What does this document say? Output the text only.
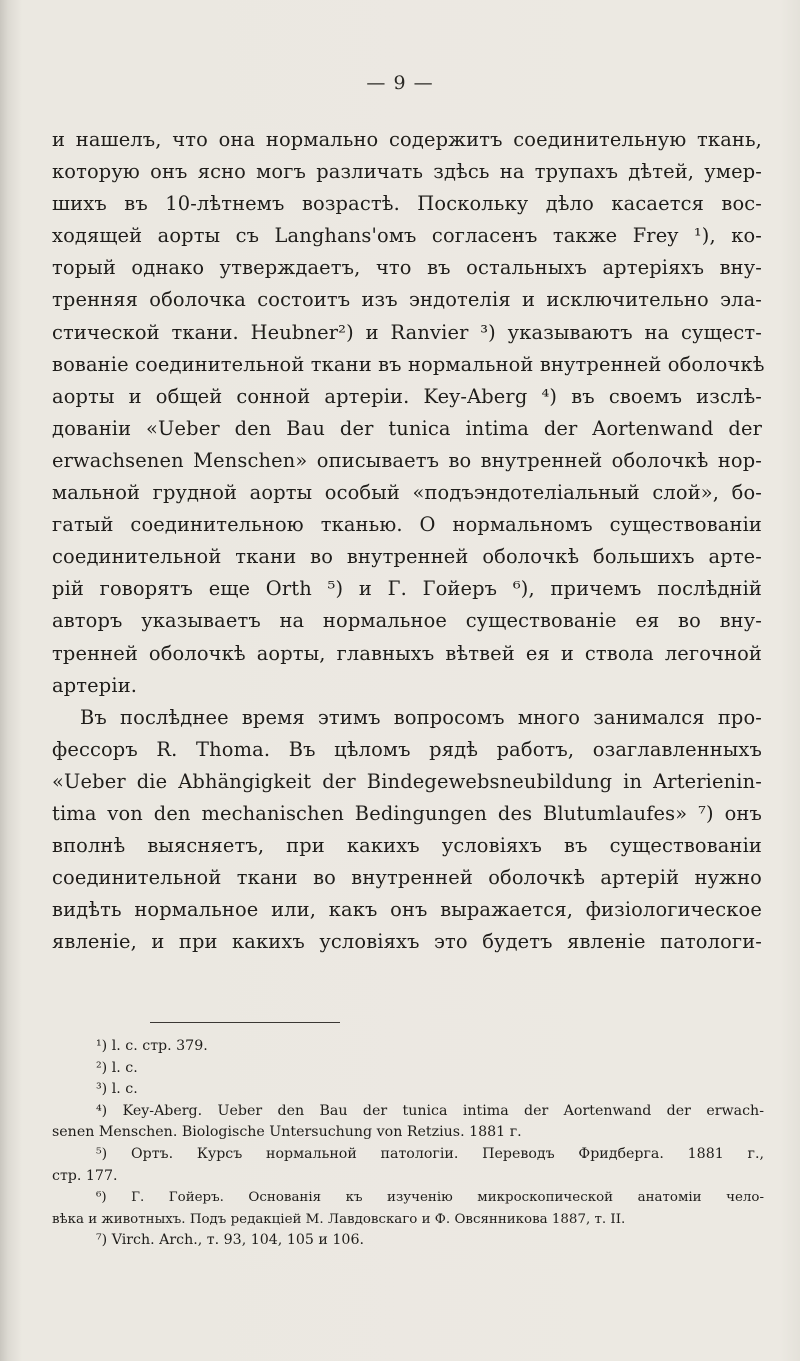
— 9 —
и нашелъ, что она нормально содержитъ соединительную ткань,
которую онъ ясно могъ различать здѣсь на трупахъ дѣтей, умер-
шихъ въ 10-лѣтнемъ возрастѣ. Поскольку дѣло касается вос-
ходящей аорты съ Langhans'омъ согласенъ также Frey ¹), ко-
торый однако утверждаетъ, что въ остальныхъ артеріяхъ вну-
тренняя оболочка состоитъ изъ эндотелія и исключительно эла-
стической ткани. Heubner²) и Ranvier ³) указываютъ на сущест-
вованіе соединительной ткани въ нормальной внутренней оболочкѣ
аорты и общей сонной артеріи. Key-Aberg ⁴) въ своемъ изслѣ-
дованіи «Ueber den Bau der tunica intima der Aortenwand der
erwachsenen Menschen» описываетъ во внутренней оболочкѣ нор-
мальной грудной аорты особый «подъэндотеліальный слой», бо-
гатый соединительною тканью. О нормальномъ существованіи
соединительной ткани во внутренней оболочкѣ большихъ арте-
рій говорятъ еще Orth ⁵) и Г. Гойеръ ⁶), причемъ послѣдній
авторъ указываетъ на нормальное существованіе ея во вну-
тренней оболочкѣ аорты, главныхъ вѣтвей ея и ствола легочной
артеріи.
Въ послѣднее время этимъ вопросомъ много занимался про-
фессоръ R. Thoma. Въ цѣломъ рядѣ работъ, озаглавленныхъ
«Ueber die Abhängigkeit der Bindegewebsneubildung in Arterienin-
tima von den mechanischen Bedingungen des Blutumlaufes» ⁷) онъ
вполнѣ выясняетъ, при какихъ условіяхъ въ существованіи
соединительной ткани во внутренней оболочкѣ артерій нужно
видѣть нормальное или, какъ онъ выражается, физіологическое
явленіе, и при какихъ условіяхъ это будетъ явленіе патологи-
¹) l. c. стр. 379.
²) l. c.
³) l. c.
⁴) Key-Aberg. Ueber den Bau der tunica intima der Aortenwand der erwach-
senen Menschen. Biologische Untersuchung von Retzius. 1881 г.
⁵) Ортъ. Курсъ нормальной патологіи. Переводъ Фридберга. 1881 г.,
стр. 177.
⁶) Г. Гойеръ. Основанія къ изученію микроскопической анатоміи чело-
вѣка и животныхъ. Подъ редакціей М. Лавдовскаго и Ф. Овсянникова 1887, т. II.
⁷) Virch. Arch., т. 93, 104, 105 и 106.
